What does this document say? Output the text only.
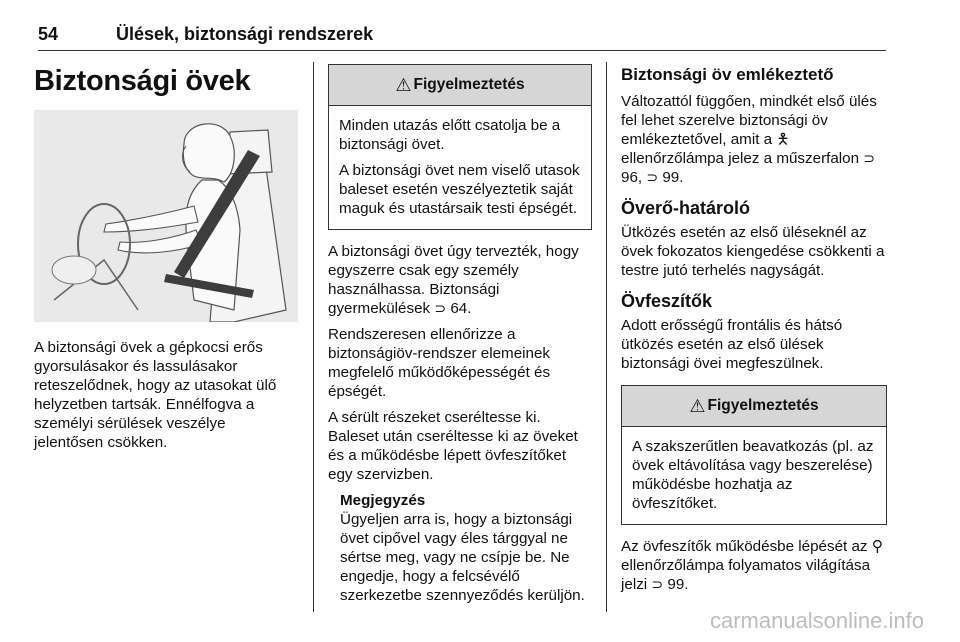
54	Ülések, biztonsági rendszerek
Biztonsági övek

A biztonsági övek a gépkocsi erős gyorsulásakor és lassulásakor reteszelődnek, hogy az utasokat ülő helyzetben tartsák. Ennélfogva a személyi sérülések veszélye jelentősen csökken.

⚠ Figyelmeztetés

Minden utazás előtt csatolja be a biztonsági övet.

A biztonsági övet nem viselő utasok baleset esetén veszélyeztetik saját maguk és utastársaik testi épségét.

A biztonsági övet úgy tervezték, hogy egyszerre csak egy személy használhassa. Biztonsági gyermekülések ⊃ 64.

Rendszeresen ellenőrizze a biztonságiöv-rendszer elemeinek megfelelő működőképességét és épségét.

A sérült részeket cseréltesse ki. Baleset után cseréltesse ki az öveket és a működésbe lépett övfeszítőket egy szervizben.

Megjegyzés

Ügyeljen arra is, hogy a biztonsági övet cipővel vagy éles tárggyal ne sértse meg, vagy ne csípje be. Ne engedje, hogy a felcsévélő szerkezetbe szennyeződés kerüljön.

Biztonsági öv emlékeztető

Változattól függően, mindkét első ülés fel lehet szerelve biztonsági öv emlékeztetővel, amit a 🯅 ellenőrzőlámpa jelez a műszerfalon ⊃ 96, ⊃ 99.

Överő-határoló

Ütközés esetén az első üléseknél az övek fokozatos kiengedése csökkenti a testre jutó terhelés nagyságát.

Övfeszítők

Adott erősségű frontális és hátsó ütközés esetén az első ülések biztonsági övei megfeszülnek.

⚠ Figyelmeztetés

A szakszerűtlen beavatkozás (pl. az övek eltávolítása vagy beszerelése) működésbe hozhatja az övfeszítőket.

Az övfeszítők működésbe lépését az ⚲ ellenőrzőlámpa folyamatos világítása jelzi ⊃ 99.

carmanualsonline.info
